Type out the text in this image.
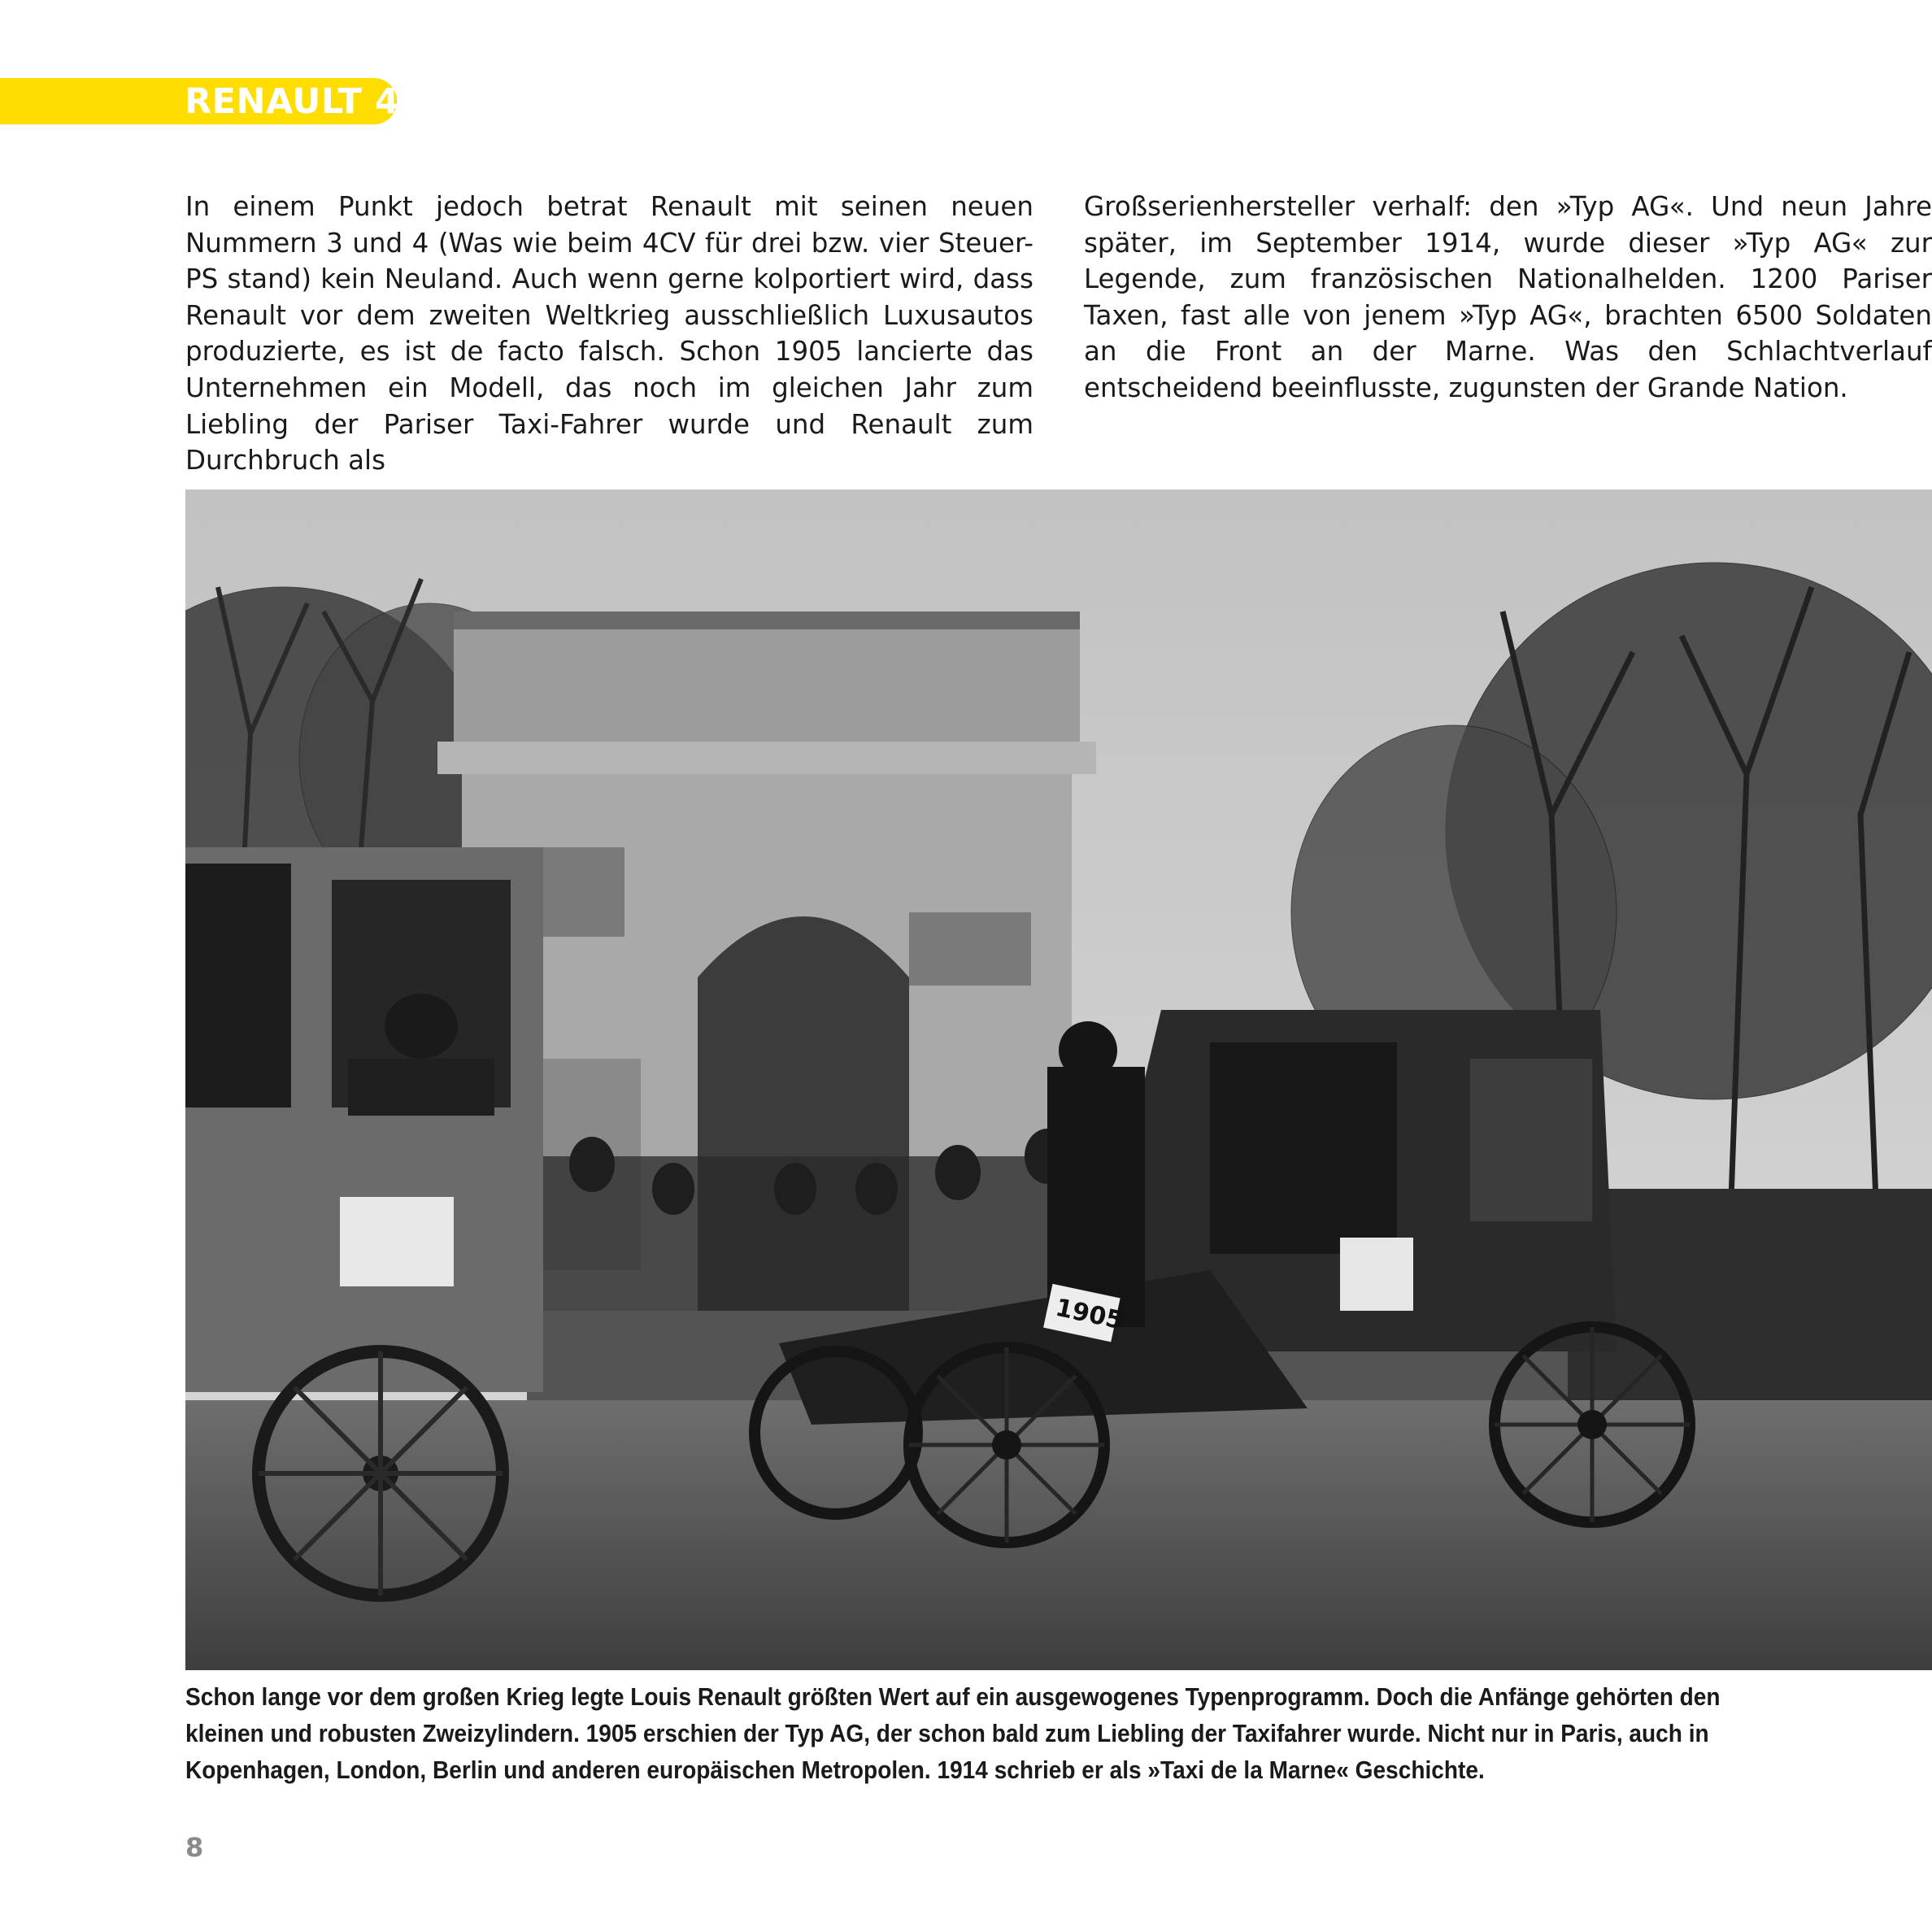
RENAULT 4
In einem Punkt jedoch betrat Renault mit seinen neuen Nummern 3 und 4 (Was wie beim 4CV für drei bzw. vier Steuer-PS stand) kein Neuland. Auch wenn gerne kolportiert wird, dass Renault vor dem zweiten Weltkrieg ausschließlich Luxusautos produzierte, es ist de facto falsch. Schon 1905 lancierte das Unternehmen ein Modell, das noch im gleichen Jahr zum Liebling der Pariser Taxi-Fahrer wurde und Renault zum Durchbruch als
Großserienhersteller verhalf: den »Typ AG«. Und neun Jahre später, im September 1914, wurde dieser »Typ AG« zur Legende, zum französischen Nationalhelden. 1200 Pariser Taxen, fast alle von jenem »Typ AG«, brachten 6500 Soldaten an die Front an der Marne. Was den Schlachtverlauf entscheidend beeinflusste, zugunsten der Grande Nation.
1905
Schon lange vor dem großen Krieg legte Louis Renault größten Wert auf ein ausgewogenes Typenprogramm. Doch die Anfänge gehörten den kleinen und robusten Zweizylindern. 1905 erschien der Typ AG, der schon bald zum Liebling der Taxifahrer wurde. Nicht nur in Paris, auch in Kopenhagen, London, Berlin und anderen europäischen Metropolen. 1914 schrieb er als »Taxi de la Marne« Geschichte.
8
